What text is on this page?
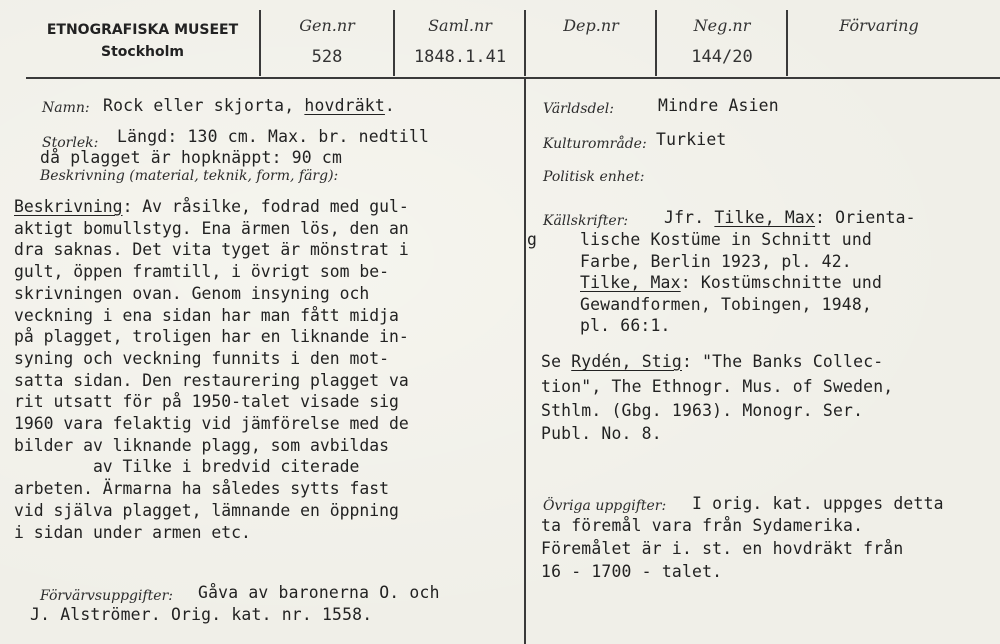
ETNOGRAFISKA MUSEET
Stockholm
Gen.nr
528
Saml.nr
1848.1.41
Dep.nr	Neg.nr
144/20
Förvaring
Namn: Rock eller skjorta, hovdräkt.
Storlek: Längd: 130 cm. Max. br. nedtill
då plagget är hopknäppt: 90 cm
Beskrivning (material, teknik, form, färg):
Beskrivning: Av råsilke, fodrad med gul-
aktigt bomullstyg. Ena ärmen lös, den an
dra saknas. Det vita tyget är mönstrat i
gult, öppen framtill, i övrigt som be-
skrivningen ovan. Genom insyning och
veckning i ena sidan har man fått midja
på plagget, troligen har en liknande in-
syning och veckning funnits i den mot-
satta sidan. Den restaurering plagget va
rit utsatt för på 1950-talet visade sig
1960 vara felaktig vid jämförelse med de
bilder av liknande plagg, som avbildas
av Tilke i bredvid citerade
arbeten. Ärmarna ha således sytts fast
vid själva plagget, lämnande en öppning
i sidan under armen etc.
g
Förvärvsuppgifter: Gåva av baronerna O. och
J. Alströmer. Orig. kat. nr. 1558.
Världsdel:	Mindre Asien
Kulturområde: Turkiet
Politisk enhet:
Källskrifter: Jfr. Tilke, Max: Orienta-
lische Kostüme in Schnitt und
Farbe, Berlin 1923, pl. 42.
Tilke, Max: Kostümschnitte und
Gewandformen, Tobingen, 1948,
pl. 66:1.
Se Rydén, Stig: "The Banks Collec-
tion", The Ethnogr. Mus. of Sweden,
Sthlm. (Gbg. 1963). Monogr. Ser.
Publ. No. 8.
Övriga uppgifter: I orig. kat. uppges detta
ta föremål vara från Sydamerika.
Föremålet är i. st. en hovdräkt från
16 - 1700 - talet.
